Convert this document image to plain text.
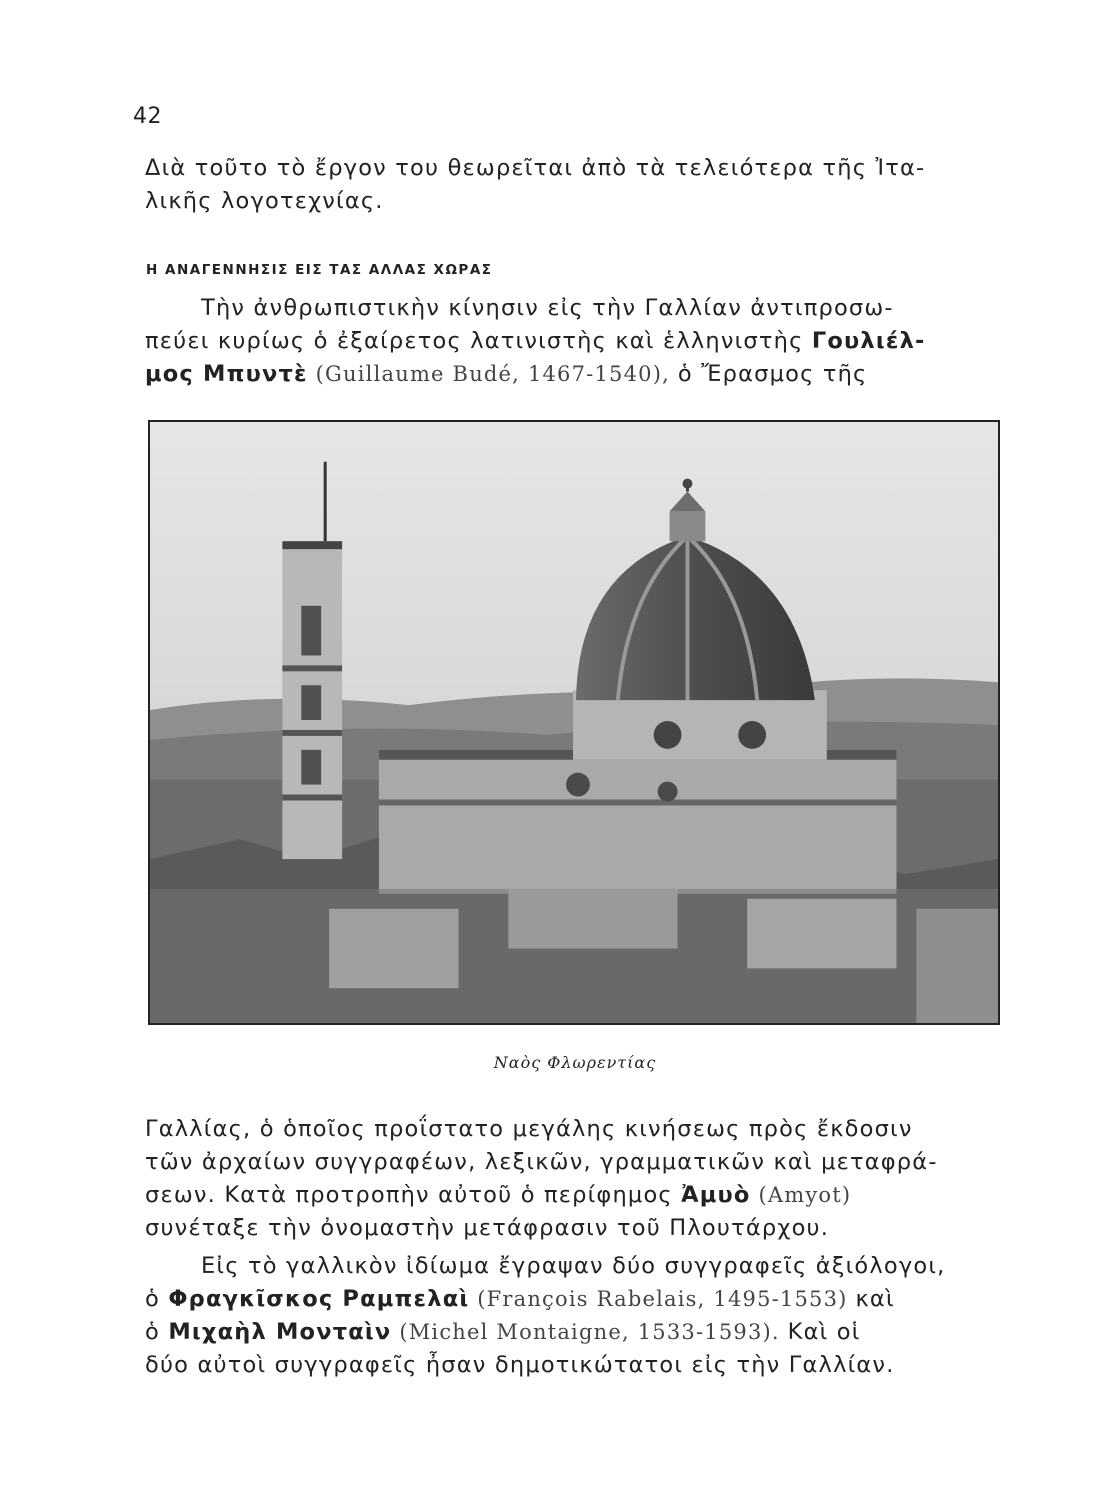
42

Διὰ τοῦτο τὸ ἔργον του θεωρεῖται ἀπὸ τὰ τελειότερα τῆς Ἰτα-
λικῆς λογοτεχνίας.

Η ΑΝΑΓΕΝΝΗΣΙΣ ΕΙΣ ΤΑΣ ΑΛΛΑΣ ΧΩΡΑΣ

Τὴν ἀνθρωπιστικὴν κίνησιν εἰς τὴν Γαλλίαν ἀντιπροσω-
πεύει κυρίως ὁ ἐξαίρετος λατινιστὴς καὶ ἑλληνιστὴς Γουλιέλ-
μος Μπυντὲ (Guillaume Budé, 1467-1540), ὁ Ἔρασμος τῆς

Ναὸς Φλωρεντίας

Γαλλίας, ὁ ὁποῖος προΐστατο μεγάλης κινήσεως πρὸς ἔκδοσιν
τῶν ἀρχαίων συγγραφέων, λεξικῶν, γραμματικῶν καὶ μεταφρά-
σεων. Κατὰ προτροπὴν αὐτοῦ ὁ περίφημος Ἀμυὸ (Amyot)
συνέταξε τὴν ὀνομαστὴν μετάφρασιν τοῦ Πλουτάρχου.

Εἰς τὸ γαλλικὸν ἰδίωμα ἔγραψαν δύο συγγραφεῖς ἀξιόλογοι,
ὁ Φραγκῖσκος Ραμπελαὶ (François Rabelais, 1495-1553) καὶ
ὁ Μιχαὴλ Μονταὶν (Michel Montaigne, 1533-1593). Καὶ οἱ
δύο αὐτοὶ συγγραφεῖς ἦσαν δημοτικώτατοι εἰς τὴν Γαλλίαν.
